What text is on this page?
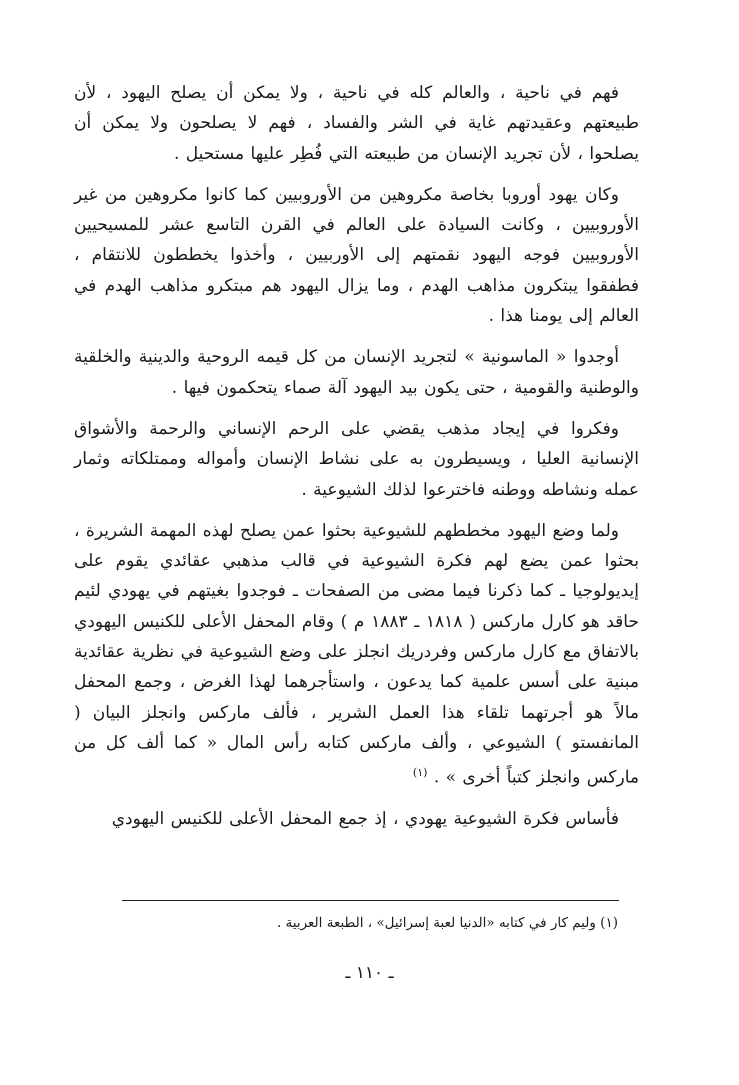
فهم في ناحية ، والعالم كله في ناحية ، ولا يمكن أن يصلح اليهود ، لأن طبيعتهم وعقيدتهم غاية في الشر والفساد ، فهم لا يصلحون ولا يمكن أن يصلحوا ، لأن تجريد الإنسان من طبيعته التي فُطِر عليها مستحيل .

وكان يهود أوروبا بخاصة مكروهين من الأوروبيين كما كانوا مكروهين من غير الأوروبيين ، وكانت السيادة على العالم في القرن التاسع عشر للمسيحيين الأوروبيين فوجه اليهود نقمتهم إلى الأوربيين ، وأخذوا يخططون للانتقام ، فطفقوا يبتكرون مذاهب الهدم ، وما يزال اليهود هم مبتكرو مذاهب الهدم في العالم إلى يومنا هذا .

أوجدوا « الماسونية » لتجريد الإنسان من كل قيمه الروحية والدينية والخلقية والوطنية والقومية ، حتى يكون بيد اليهود آلة صماء يتحكمون فيها .

وفكروا في إيجاد مذهب يقضي على الرحم الإنساني والرحمة والأشواق الإنسانية العليا ، ويسيطرون به على نشاط الإنسان وأمواله وممتلكاته وثمار عمله ونشاطه ووطنه فاخترعوا لذلك الشيوعية .

ولما وضع اليهود مخططهم للشيوعية بحثوا عمن يصلح لهذه المهمة الشريرة ، بحثوا عمن يضع لهم فكرة الشيوعية في قالب مذهبي عقائدي يقوم على إيديولوجيا ـ كما ذكرنا فيما مضى من الصفحات ـ فوجدوا بغيتهم في يهودي لئيم حاقد هو كارل ماركس ( ١٨١٨ ـ ١٨٨٣ م ) وقام المحفل الأعلى للكنيس اليهودي بالاتفاق مع كارل ماركس وفردريك انجلز على وضع الشيوعية في نظرية عقائدية مبنية على أسس علمية كما يدعون ، واستأجرهما لهذا الغرض ، وجمع المحفل مالاً هو أجرتهما تلقاء هذا العمل الشرير ، فألف ماركس وانجلز البيان ( المانفستو ) الشيوعي ، وألف ماركس كتابه رأس المال « كما ألف كل من ماركس وانجلز كتباً أخرى » . $^{(١)}$

فأساس فكرة الشيوعية يهودي ، إذ جمع المحفل الأعلى للكنيس اليهودي

(١) وليم كار في كتابه «الدنيا لعبة إسرائيل» ، الطبعة العربية .
ـ ١١٠ ـ
